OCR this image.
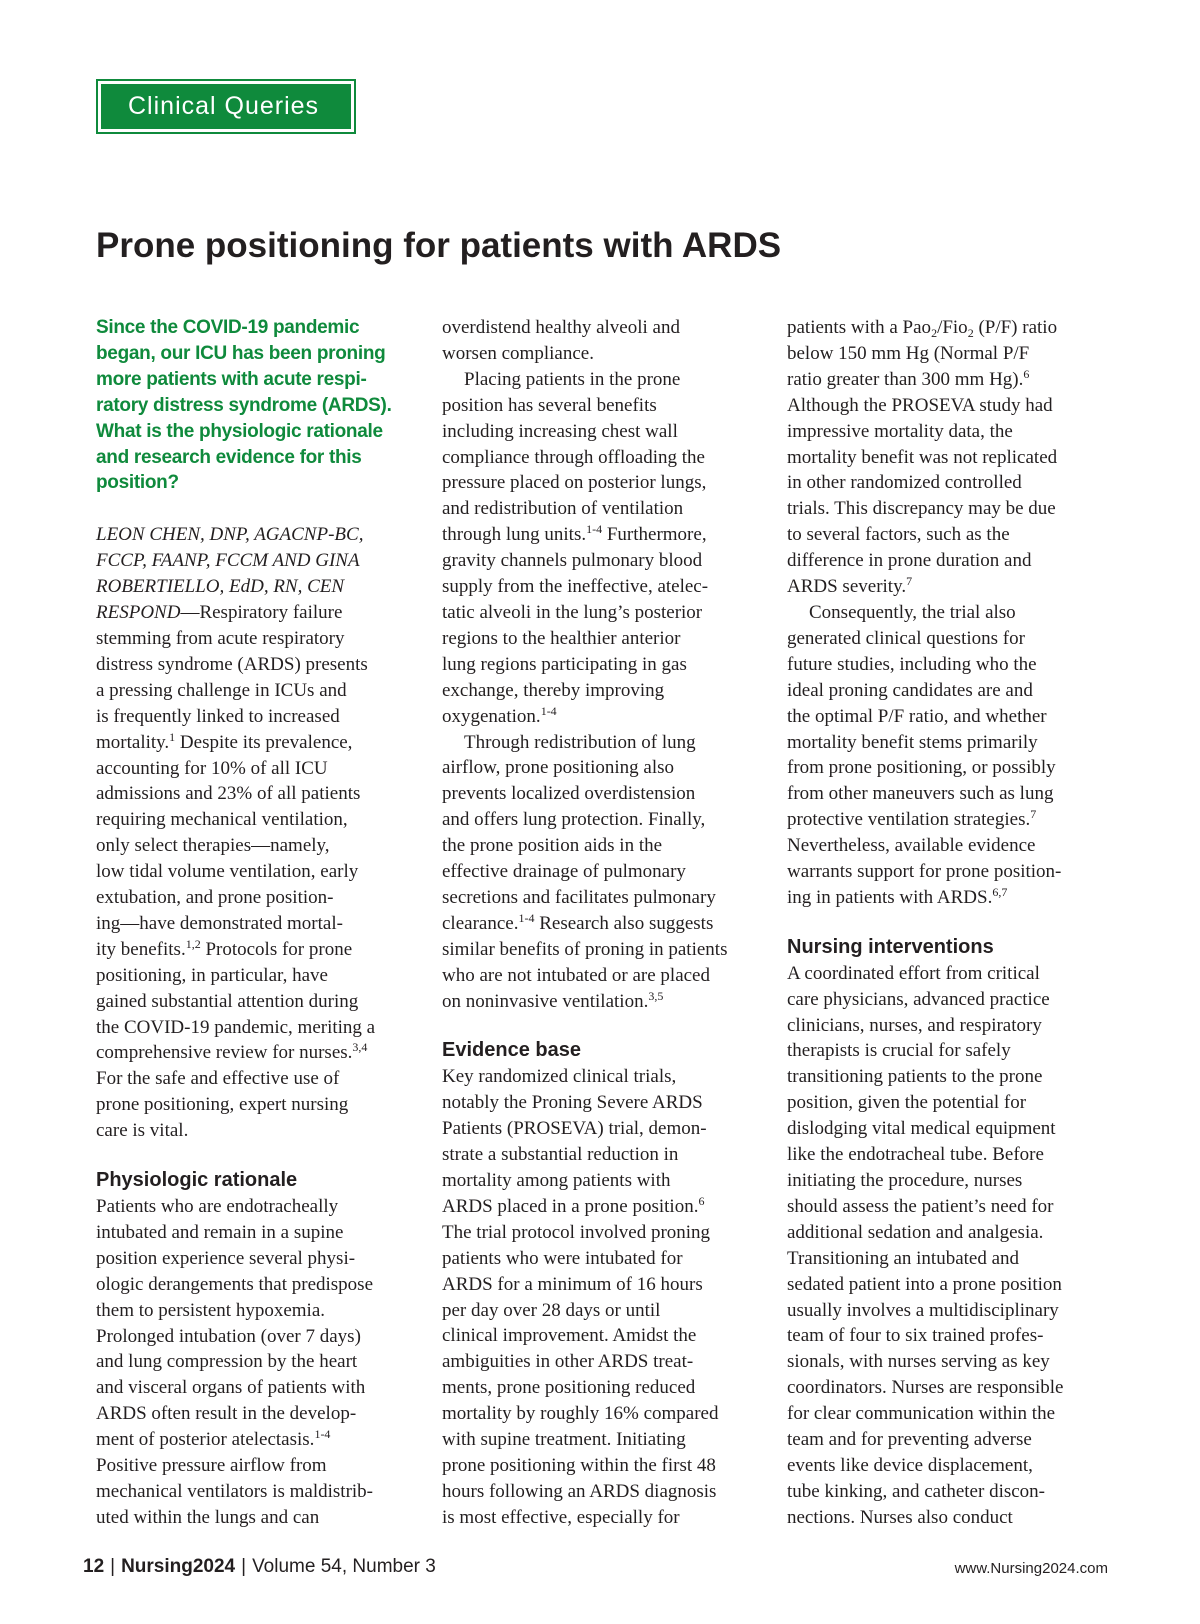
Clinical Queries
Prone positioning for patients with ARDS
Since the COVID-19 pandemic
began, our ICU has been proning
more patients with acute respi-
ratory distress syndrome (ARDS).
What is the physiologic rationale
and research evidence for this
position?
LEON CHEN, DNP, AGACNP-BC,
FCCP, FAANP, FCCM AND GINA
ROBERTIELLO, EdD, RN, CEN
RESPOND—Respiratory failure
stemming from acute respiratory
distress syndrome (ARDS) presents
a pressing challenge in ICUs and
is frequently linked to increased
mortality.$^1$ Despite its prevalence,
accounting for 10% of all ICU
admissions and 23% of all patients
requiring mechanical ventilation,
only select therapies—namely,
low tidal volume ventilation, early
extubation, and prone position-
ing—have demonstrated mortal-
ity benefits.$^{1,2}$ Protocols for prone
positioning, in particular, have
gained substantial attention during
the COVID-19 pandemic, meriting a
comprehensive review for nurses.$^{3,4}$
For the safe and effective use of
prone positioning, expert nursing
care is vital.
Physiologic rationale
Patients who are endotracheally
intubated and remain in a supine
position experience several physi-
ologic derangements that predispose
them to persistent hypoxemia.
Prolonged intubation (over 7 days)
and lung compression by the heart
and visceral organs of patients with
ARDS often result in the develop-
ment of posterior atelectasis.$^{1-4}$
Positive pressure airflow from
mechanical ventilators is maldistrib-
uted within the lungs and can
overdistend healthy alveoli and
worsen compliance.
Placing patients in the prone
position has several benefits
including increasing chest wall
compliance through offloading the
pressure placed on posterior lungs,
and redistribution of ventilation
through lung units.$^{1-4}$ Furthermore,
gravity channels pulmonary blood
supply from the ineffective, atelec-
tatic alveoli in the lung’s posterior
regions to the healthier anterior
lung regions participating in gas
exchange, thereby improving
oxygenation.$^{1-4}$
Through redistribution of lung
airflow, prone positioning also
prevents localized overdistension
and offers lung protection. Finally,
the prone position aids in the
effective drainage of pulmonary
secretions and facilitates pulmonary
clearance.$^{1-4}$ Research also suggests
similar benefits of proning in patients
who are not intubated or are placed
on noninvasive ventilation.$^{3,5}$
Evidence base
Key randomized clinical trials,
notably the Proning Severe ARDS
Patients (PROSEVA) trial, demon-
strate a substantial reduction in
mortality among patients with
ARDS placed in a prone position.$^6$
The trial protocol involved proning
patients who were intubated for
ARDS for a minimum of 16 hours
per day over 28 days or until
clinical improvement. Amidst the
ambiguities in other ARDS treat-
ments, prone positioning reduced
mortality by roughly 16% compared
with supine treatment. Initiating
prone positioning within the first 48
hours following an ARDS diagnosis
is most effective, especially for
patients with a Pao$_2$/Fio$_2$ (P/F) ratio
below 150 mm Hg (Normal P/F
ratio greater than 300 mm Hg).$^6$
Although the PROSEVA study had
impressive mortality data, the
mortality benefit was not replicated
in other randomized controlled
trials. This discrepancy may be due
to several factors, such as the
difference in prone duration and
ARDS severity.$^7$
Consequently, the trial also
generated clinical questions for
future studies, including who the
ideal proning candidates are and
the optimal P/F ratio, and whether
mortality benefit stems primarily
from prone positioning, or possibly
from other maneuvers such as lung
protective ventilation strategies.$^7$
Nevertheless, available evidence
warrants support for prone position-
ing in patients with ARDS.$^{6,7}$
Nursing interventions
A coordinated effort from critical
care physicians, advanced practice
clinicians, nurses, and respiratory
therapists is crucial for safely
transitioning patients to the prone
position, given the potential for
dislodging vital medical equipment
like the endotracheal tube. Before
initiating the procedure, nurses
should assess the patient’s need for
additional sedation and analgesia.
Transitioning an intubated and
sedated patient into a prone position
usually involves a multidisciplinary
team of four to six trained profes-
sionals, with nurses serving as key
coordinators. Nurses are responsible
for clear communication within the
team and for preventing adverse
events like device displacement,
tube kinking, and catheter discon-
nections. Nurses also conduct
12 | Nursing2024 | Volume 54, Number 3	www.Nursing2024.com
